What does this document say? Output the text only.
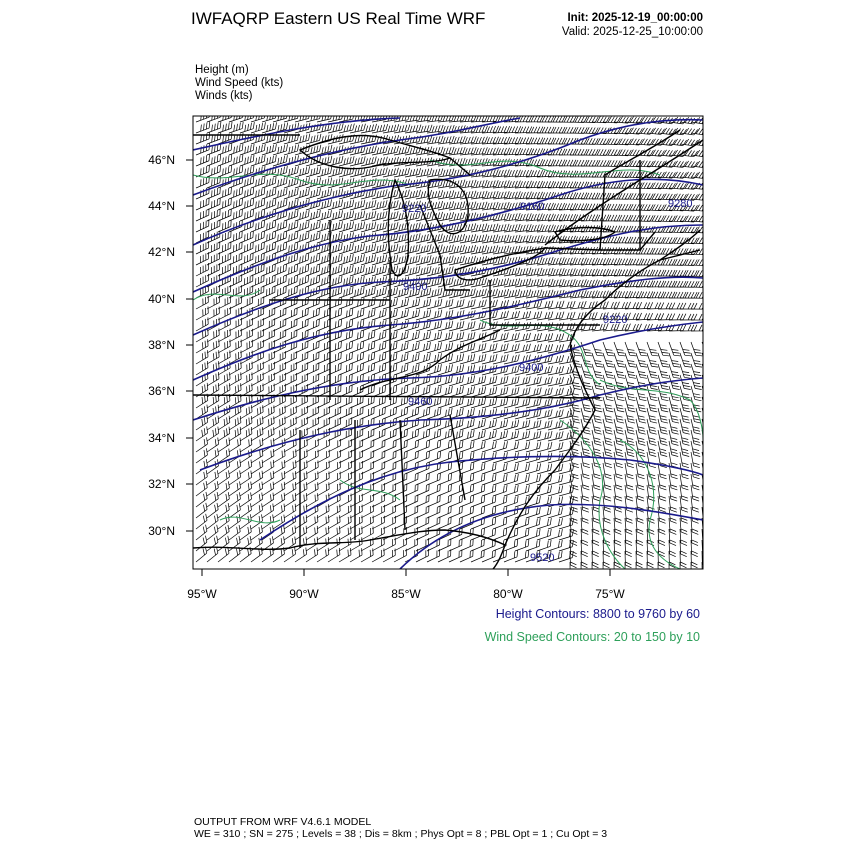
IWFAQRP Eastern US Real Time WRF	Init: 2025-12-19_00:00:00
Valid: 2025-12-25_10:00:00
Height (m)
Wind Speed (kts)
Winds (kts)
46°N
44°N
42°N
40°N
38°N
36°N
34°N
32°N
30°N
95°W	90°W	85°W	80°W	75°W
9220	9160	9280
9400
9220
9400
9460
9520
Height Contours: 8800 to 9760 by 60
Wind Speed Contours: 20 to 150 by 10
OUTPUT FROM WRF V4.6.1 MODEL
WE = 310 ; SN = 275 ; Levels = 38 ; Dis = 8km ; Phys Opt = 8 ; PBL Opt = 1 ; Cu Opt = 3
